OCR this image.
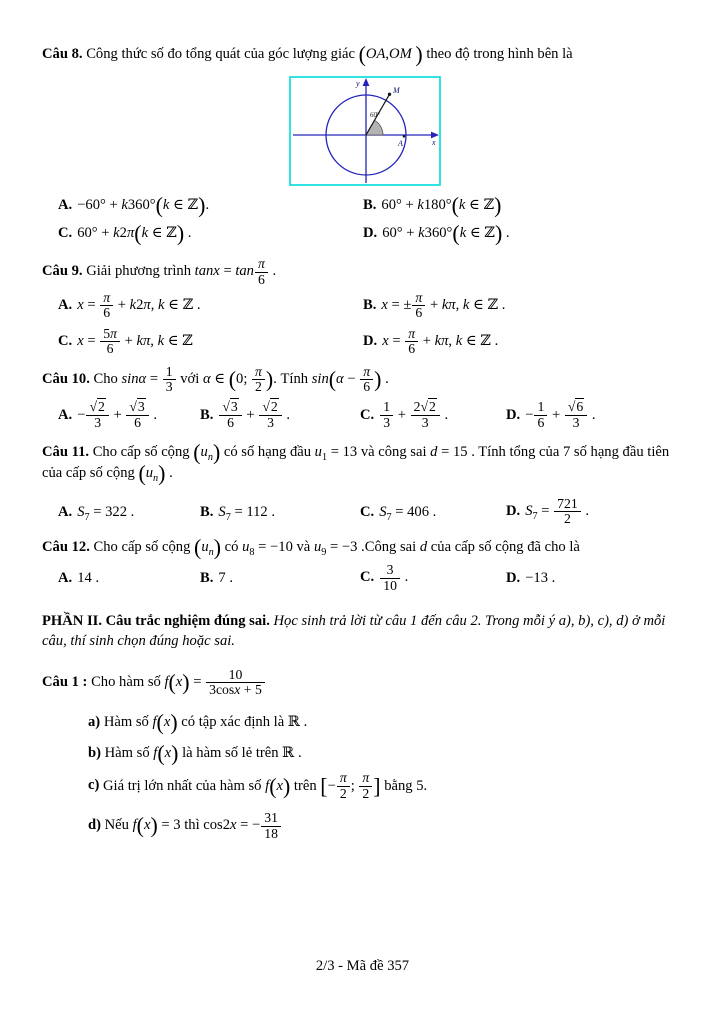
Câu 8. Công thức số đo tổng quát của góc lượng giác (OA,OM ) theo độ trong hình bên là

M
60°
A
y
x
A. −60° + k360°(k ∈ ℤ).	B. 60° + k180°(k ∈ ℤ)
C. 60° + k2π(k ∈ ℤ) .	D. 60° + k360°(k ∈ ℤ) .

Câu 9. Giải phương trình $\tan x = \tan \frac{\pi}{6}$ .

A. $x = \frac{\pi}{6} + k2\pi$, k ∈ ℤ .	B. x = ± $\frac{\pi}{6} + k\pi$, k ∈ ℤ .
C. $x = \frac{5\pi}{6} + k\pi$, k ∈ ℤ	D. $x = \frac{\pi}{6} + k\pi$, k ∈ ℤ .

Câu 10. Cho $\sin\alpha = \frac{1}{3}$ với α ∈ (0; $\frac{\pi}{2}$ ). Tính $\sin(\alpha - \frac{\pi}{6}$ ) .

A. − $\frac{√2}{3} + \frac{√3}{6}$ .	B. $\frac{√3}{6} + \frac{√2}{3}$ .	C. $\frac{1}{3} + \frac{2√2}{3}$ .	D. − $\frac{1}{6} + \frac{√6}{3}$ .

Câu 11. Cho cấp số cộng $(u_n)$ có số hạng đầu $u_1 = 13$ và công sai d = 15 . Tính tổng của 7 số hạng đầu tiên của cấp số cộng $(u_n)$ .

A. $S_7 = 322$ .	B. $S_7 = 112$ .	C. $S_7 = 406$ .	D. $S_7 = \frac{721}{2}$ .

Câu 12. Cho cấp số cộng $(u_n)$ có $u_8 = -10$ và $u_9 = -3$ .Công sai d của cấp số cộng đã cho là

A. 14 .	B. 7 .	C. $\frac{3}{10}$ .	D. −13 .

PHẦN II. Câu trắc nghiệm đúng sai. Học sinh trả lời từ câu 1 đến câu 2. Trong mỗi ý a), b), c), d) ở mỗi câu, thí sinh chọn đúng hoặc sai.

Câu 1 : Cho hàm số $f(x) = \frac{10}{3\cos x + 5}$

a) Hàm số f(x) có tập xác định là ℝ .

b) Hàm số f(x) là hàm số lẻ trên ℝ .

c) Giá trị lớn nhất của hàm số f(x) trên [− $\frac{\pi}{2}$ ; $\frac{\pi}{2}$ ] bằng 5.

d) Nếu f(x) = 3 thì cos2x = − $\frac{31}{18}$

2/3 - Mã đề 357
